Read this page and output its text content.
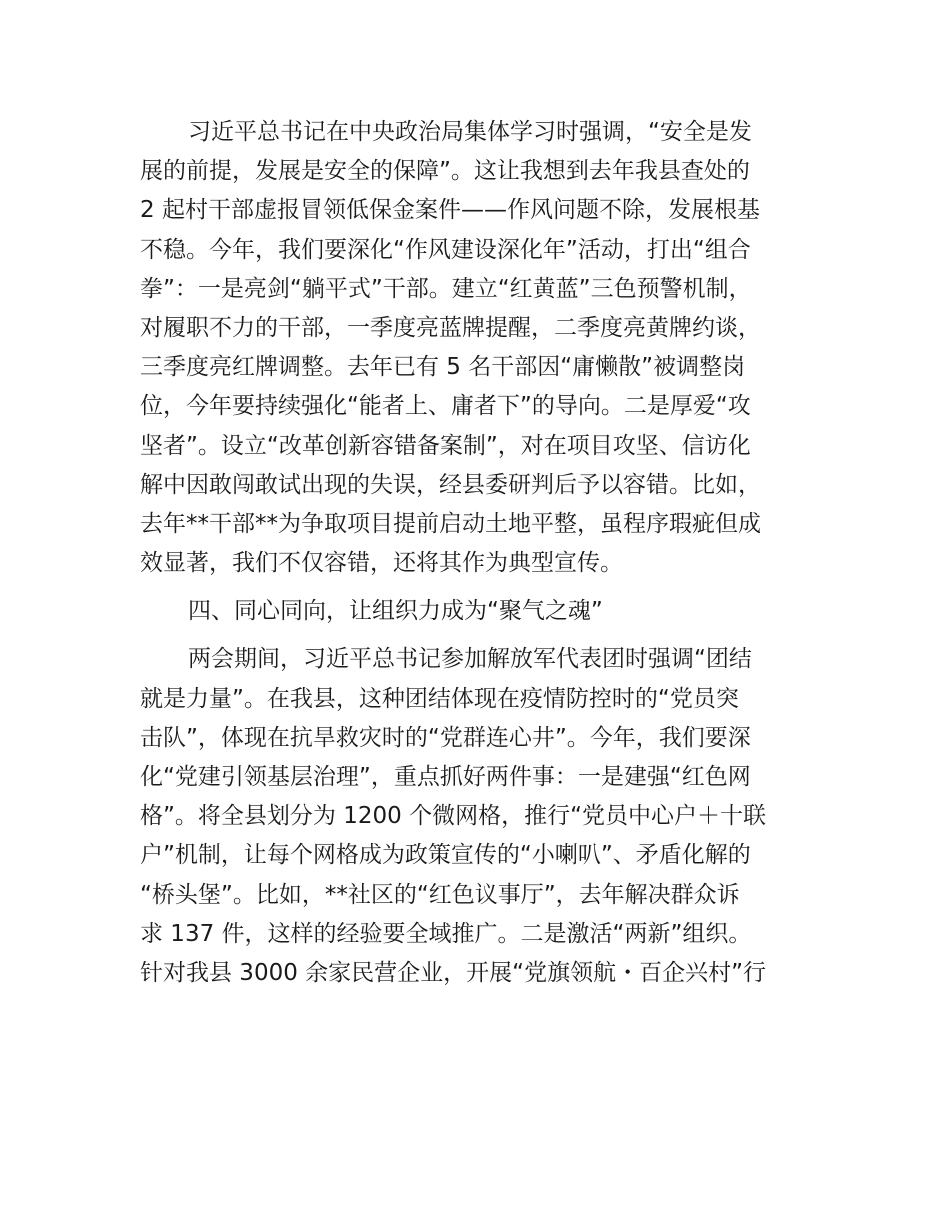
习近平总书记在中央政治局集体学习时强调，“安全是发
展的前提，发展是安全的保障”。这让我想到去年我县查处的
2 起村干部虚报冒领低保金案件——作风问题不除，发展根基
不稳。今年，我们要深化“作风建设深化年”活动，打出“组合
拳”：一是亮剑“躺平式”干部。建立“红黄蓝”三色预警机制，
对履职不力的干部，一季度亮蓝牌提醒，二季度亮黄牌约谈，
三季度亮红牌调整。去年已有 5 名干部因“庸懒散”被调整岗
位，今年要持续强化“能者上、庸者下”的导向。二是厚爱“攻
坚者”。设立“改革创新容错备案制”，对在项目攻坚、信访化
解中因敢闯敢试出现的失误，经县委研判后予以容错。比如，
去年**干部**为争取项目提前启动土地平整，虽程序瑕疵但成
效显著，我们不仅容错，还将其作为典型宣传。
四、同心同向，让组织力成为“聚气之魂”
两会期间，习近平总书记参加解放军代表团时强调“团结
就是力量”。在我县，这种团结体现在疫情防控时的“党员突
击队”，体现在抗旱救灾时的“党群连心井”。今年，我们要深
化“党建引领基层治理”，重点抓好两件事：一是建强“红色网
格”。将全县划分为 1200 个微网格，推行“党员中心户＋十联
户”机制，让每个网格成为政策宣传的“小喇叭”、矛盾化解的
“桥头堡”。比如，**社区的“红色议事厅”，去年解决群众诉
求 137 件，这样的经验要全域推广。二是激活“两新”组织。
针对我县 3000 余家民营企业，开展“党旗领航・百企兴村”行
